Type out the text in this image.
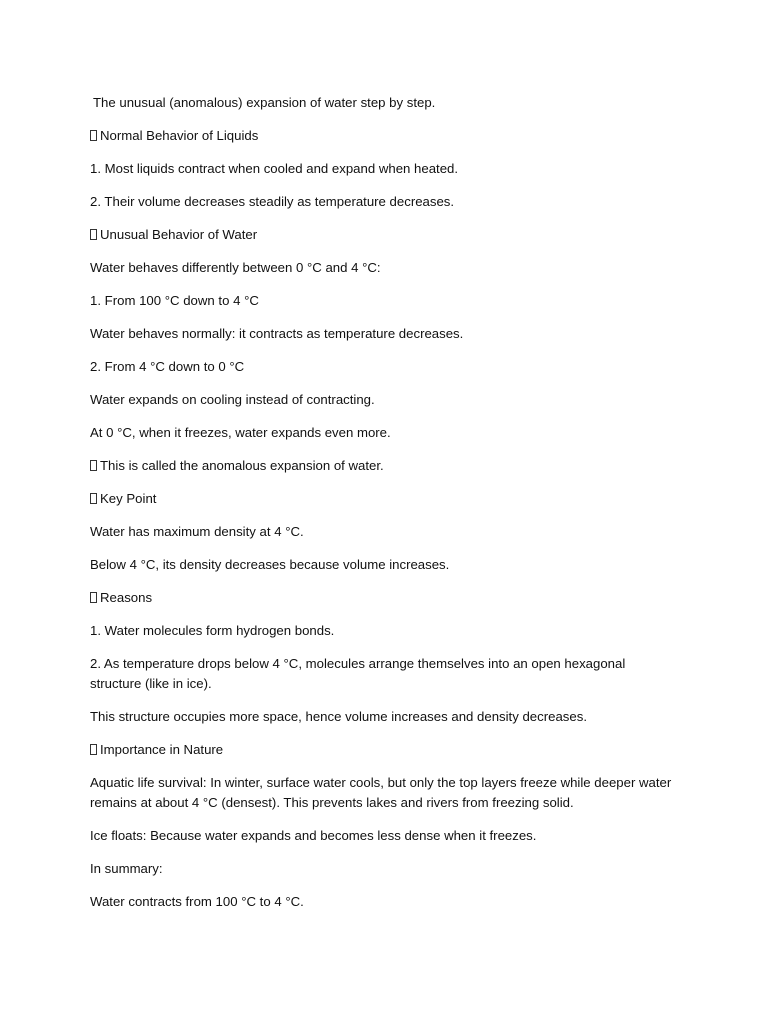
The unusual (anomalous) expansion of water step by step.

Normal Behavior of Liquids

1. Most liquids contract when cooled and expand when heated.

2. Their volume decreases steadily as temperature decreases.

Unusual Behavior of Water

Water behaves differently between 0 °C and 4 °C:

1. From 100 °C down to 4 °C

Water behaves normally: it contracts as temperature decreases.

2. From 4 °C down to 0 °C

Water expands on cooling instead of contracting.

At 0 °C, when it freezes, water expands even more.

This is called the anomalous expansion of water.

Key Point

Water has maximum density at 4 °C.

Below 4 °C, its density decreases because volume increases.

Reasons

1. Water molecules form hydrogen bonds.

2. As temperature drops below 4 °C, molecules arrange themselves into an open hexagonal structure (like in ice).

This structure occupies more space, hence volume increases and density decreases.

Importance in Nature

Aquatic life survival: In winter, surface water cools, but only the top layers freeze while deeper water remains at about 4 °C (densest). This prevents lakes and rivers from freezing solid.

Ice floats: Because water expands and becomes less dense when it freezes.

In summary:

Water contracts from 100 °C to 4 °C.
